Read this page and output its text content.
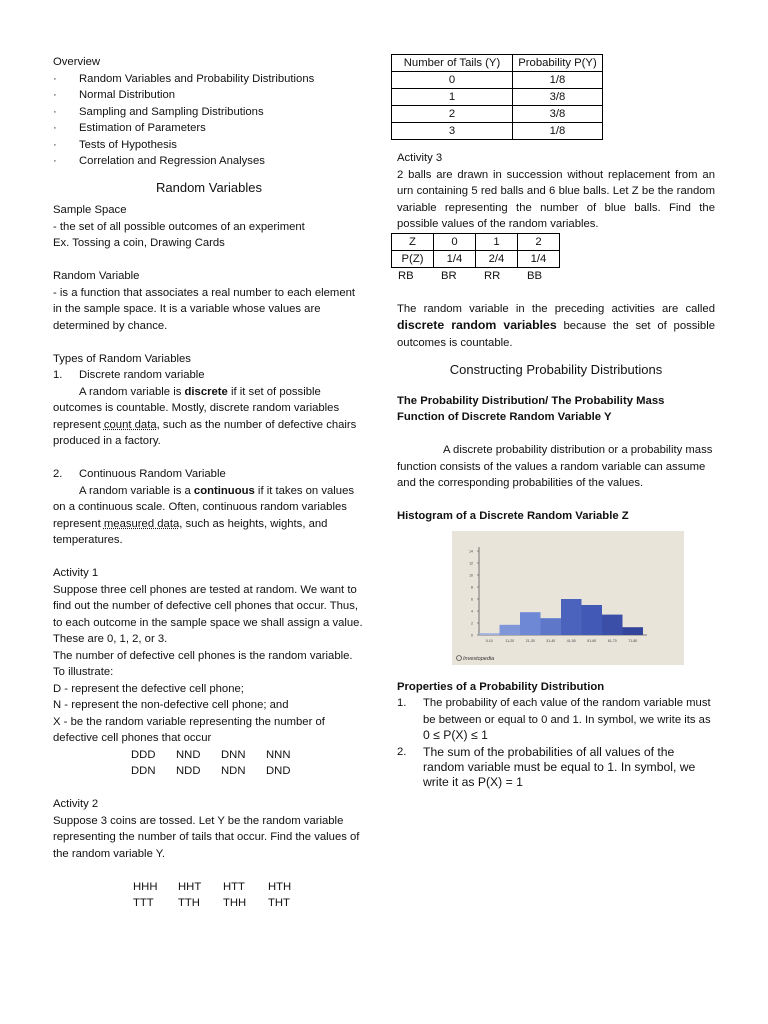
Overview

·	Random Variables and Probability Distributions
·	Normal Distribution
·	Sampling and Sampling Distributions
·	Estimation of Parameters
·	Tests of Hypothesis
·	Correlation and Regression Analyses

Random Variables

Sample Space

- the set of all possible outcomes of an experiment

Ex. Tossing a coin, Drawing Cards

Random Variable

- is a function that associates a real number to each element in the sample space. It is a variable whose values are determined by chance.

Types of Random Variables

1.	Discrete random variable

A random variable is discrete if it set of possible outcomes is countable. Mostly, discrete random variables represent count data, such as the number of defective chairs produced in a factory.

2.	Continuous Random Variable

A random variable is a continuous if it takes on values on a continuous scale. Often, continuous random variables represent measured data, such as heights, wights, and temperatures.

Activity 1

Suppose three cell phones are tested at random. We want to find out the number of defective cell phones that occur. Thus, to each outcome in the sample space we shall assign a value. These are 0, 1, 2, or 3.

The number of defective cell phones is the random variable.

To illustrate:

D - represent the defective cell phone;

N - represent the non-defective cell phone; and

X - be the random variable representing the number of defective cell phones that occur

DDD	NND	DNN	NNN
DDN	NDD	NDN	DND

Activity 2

Suppose 3 coins are tossed. Let Y be the random variable representing the number of tails that occur. Find the values of the random variable Y.

HHH	HHT	HTT	HTH
TTT	TTH	THH	THT
Number of Tails (Y)	Probability P(Y)
0	1/8
1	3/8
2	3/8
3	1/8

Activity 3

2 balls are drawn in succession without replacement from an urn containing 5 red balls and 6 blue balls. Let Z be the random variable representing the number of blue balls. Find the possible values of the random variables.

Z	0	1	2
P(Z)	1/4	2/4	1/4
RB	BR	RR	BB

The random variable in the preceding activities are called discrete random variables because the set of possible outcomes is countable.

Constructing Probability Distributions

The Probability Distribution/ The Probability Mass Function of Discrete Random Variable Y

A discrete probability distribution or a probability mass function consists of the values a random variable can assume and the corresponding probabilities of the values.

Histogram of a Discrete Random Variable Z

14
12
10
8
6
4
2
0
0-10	11-20	21-30	31-40	41-50	51-60	61-70	71-80
Investopedia

Properties of a Probability Distribution

1.	The probability of each value of the random variable must be between or equal to 0 and 1. In symbol, we write its as 0 ≤ P(X) ≤ 1
2.	The sum of the probabilities of all values of the random variable must be equal to 1. In symbol, we write it as P(X) = 1
